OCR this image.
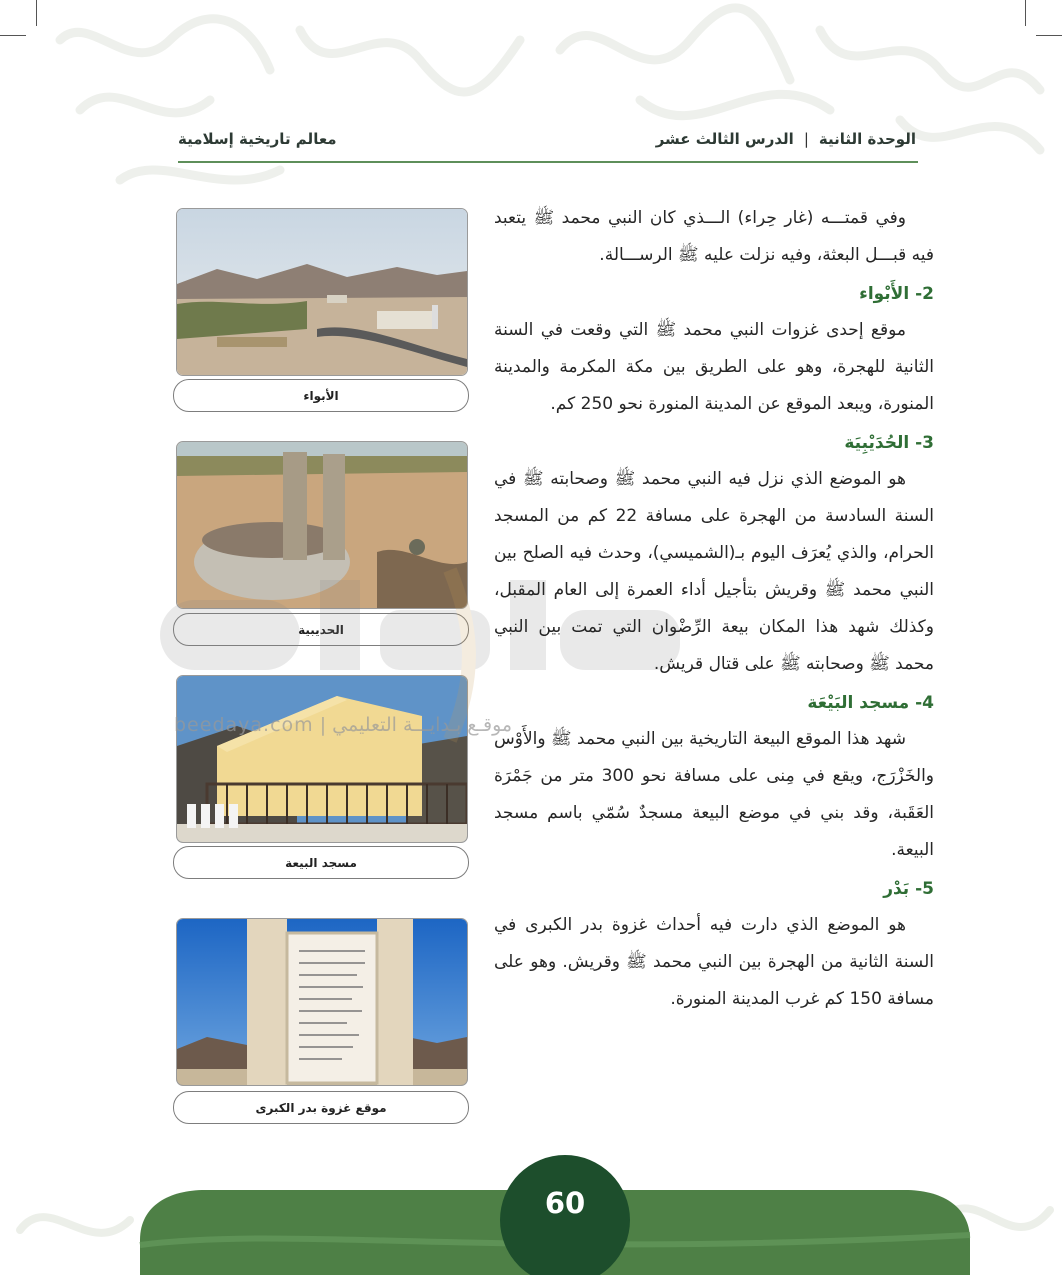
الوحدة الثانية
|
الدرس الثالث عشر
معالم تاريخية إسلامية
الأبواء
الحديبية
مسجد البيعة
موقع غزوة بدر الكبرى
موقـع بـدايـــة التعليمي | beedaya.com

وفي قمتـــه (غار حِراء) الـــذي كان النبي محمد ﷺ يتعبد فيه قبـــل البعثة، وفيه نزلت عليه ﷺ الرســـالة.

2- الأَبْواء

موقع إحدى غزوات النبي محمد ﷺ التي وقعت في السنة الثانية للهجرة، وهو على الطريق بين مكة المكرمة والمدينة المنورة، ويبعد الموقع عن المدينة المنورة نحو 250 كم.

3- الحُدَيْبِيَة

هو الموضع الذي نزل فيه النبي محمد ﷺ وصحابته ﷺ في السنة السادسة من الهجرة على مسافة 22 كم من المسجد الحرام، والذي يُعرَف اليوم بـ(الشميسي)، وحدث فيه الصلح بين النبي محمد ﷺ وقريش بتأجيل أداء العمرة إلى العام المقبل، وكذلك شهد هذا المكان بيعة الرِّضْوان التي تمت بين النبي محمد ﷺ وصحابته ﷺ على قتال قريش.

4- مسجد البَيْعَة

شهد هذا الموقع البيعة التاريخية بين النبي محمد ﷺ والأَوْس والخَزْرَج، ويقع في مِنى على مسافة نحو 300 متر من جَمْرَة العَقَبة، وقد بني في موضع البيعة مسجدٌ سُمّي باسم مسجد البيعة.

5- بَدْر

هو الموضع الذي دارت فيه أحداث غزوة بدر الكبرى في السنة الثانية من الهجرة بين النبي محمد ﷺ وقريش. وهو على مسافة 150 كم غرب المدينة المنورة.

60
